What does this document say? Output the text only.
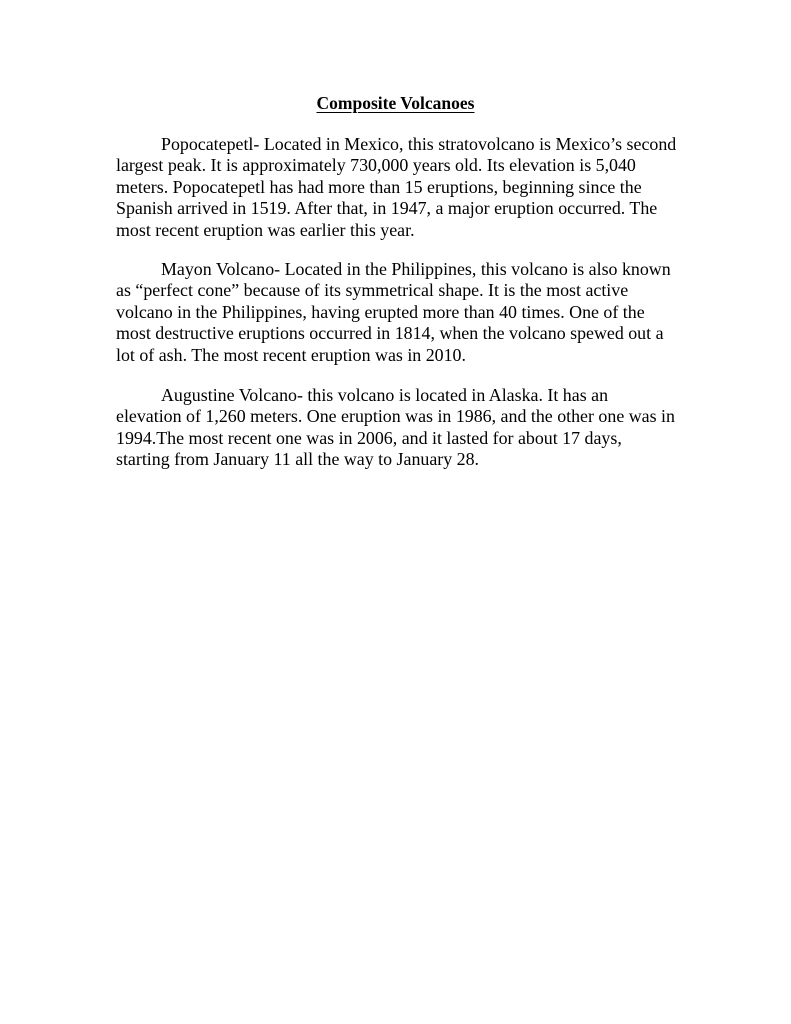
Composite Volcanoes

Popocatepetl- Located in Mexico, this stratovolcano is Mexico’s second largest peak. It is approximately 730,000 years old. Its elevation is 5,040 meters. Popocatepetl has had more than 15 eruptions, beginning since the Spanish arrived in 1519. After that, in 1947, a major eruption occurred. The most recent eruption was earlier this year.

Mayon Volcano- Located in the Philippines, this volcano is also known as “perfect cone” because of its symmetrical shape. It is the most active volcano in the Philippines, having erupted more than 40 times. One of the most destructive eruptions occurred in 1814, when the volcano spewed out a lot of ash. The most recent eruption was in 2010.

Augustine Volcano- this volcano is located in Alaska. It has an elevation of 1,260 meters. One eruption was in 1986, and the other one was in 1994.The most recent one was in 2006, and it lasted for about 17 days, starting from January 11 all the way to January 28.
